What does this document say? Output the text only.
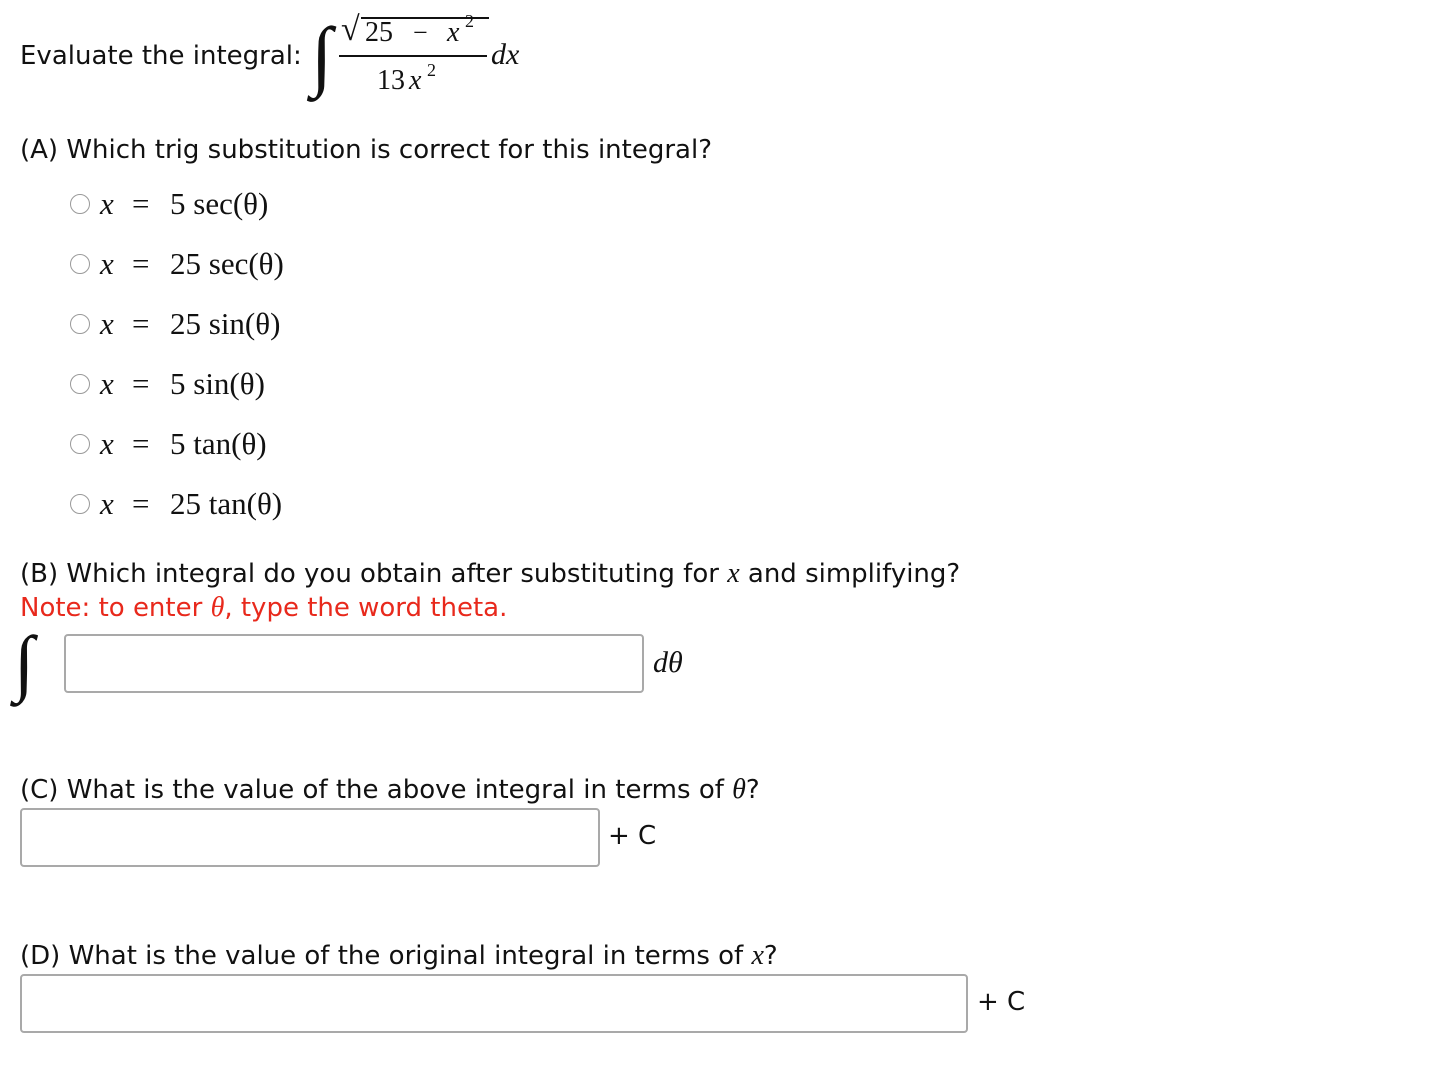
Evaluate the integral: ∫ √ 25 − x 2
13 x 2 dx
(A) Which trig substitution is correct for this integral?
x = 5 sec(θ)
x = 25 sec(θ)
x = 25 sin(θ)
x = 5 sin(θ)
x = 5 tan(θ)
x = 25 tan(θ)
(B) Which integral do you obtain after substituting for x and simplifying?
Note: to enter θ, type the word theta.
∫	dθ
(C) What is the value of the above integral in terms of θ?
+ C
(D) What is the value of the original integral in terms of x?
+ C
